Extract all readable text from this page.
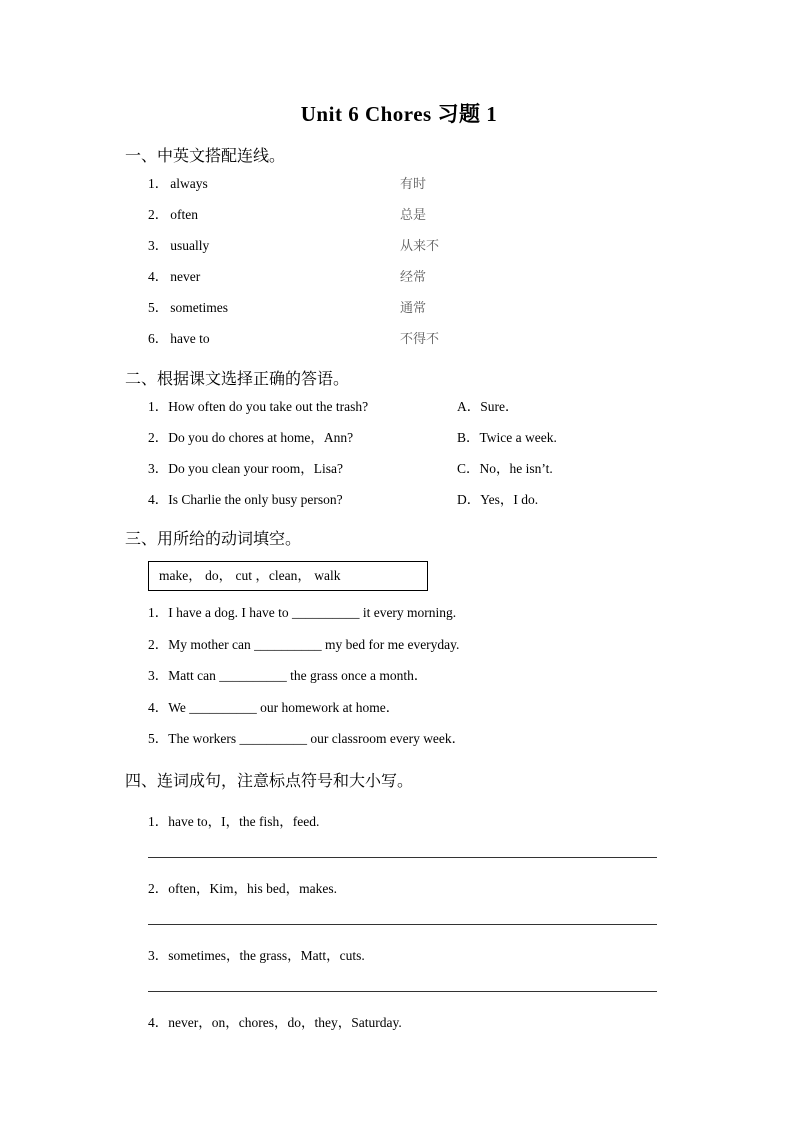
Unit 6 Chores 习题 1

一、中英文搭配连线。

1． always	有时
2． often	总是
3． usually	从来不
4． never	经常
5． sometimes	通常
6． have to	不得不

二、根据课文选择正确的答语。

1．How often do you take out the trash?	A．Sure．
2．Do you do chores at home，Ann?	B．Twice a week.
3．Do you clean your room，Lisa?	C．No，he isn’t.
4．Is Charlie the only busy person?	D．Yes，I do.

三、用所给的动词填空。

make， do， cut ，clean， walk
1．I have a dog. I have to __________ it every morning.
2．My mother can __________ my bed for me everyday.
3．Matt can __________ the grass once a month．
4．We __________ our homework at home．
5．The workers __________ our classroom every week．

四、连词成句，注意标点符号和大小写。

1．have to，I，the fish，feed.
2．often，Kim，his bed，makes.
3．sometimes，the grass，Matt，cuts.
4．never，on，chores，do，they，Saturday.
